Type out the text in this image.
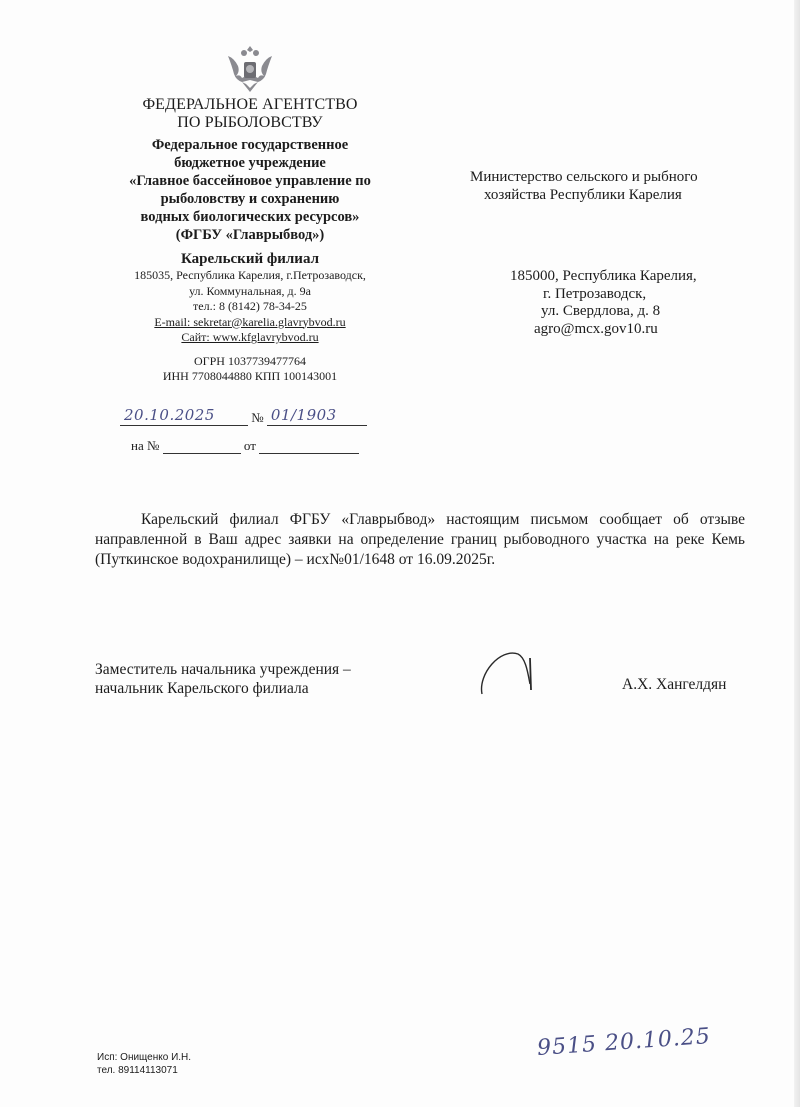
ФЕДЕРАЛЬНОЕ АГЕНТСТВО
ПО РЫБОЛОВСТВУ
Федеральное государственное
бюджетное учреждение
«Главное бассейновое управление по
рыболовству и сохранению
водных биологических ресурсов»
(ФГБУ «Главрыбвод»)
Карельский филиал
185035, Республика Карелия, г.Петрозаводск,
ул. Коммунальная, д. 9а
тел.: 8 (8142) 78-34-25
E-mail: sekretar@karelia.glavrybvod.ru
Сайт: www.kfglavrybvod.ru
ОГРН 1037739477764
ИНН 7708044880 КПП 100143001
20.10.2025	№ 01/1903
на №	от
Министерство сельского и рыбного
хозяйства Республики Карелия
185000, Республика Карелия,
г. Петрозаводск,
ул. Свердлова, д. 8
agro@mcx.gov10.ru

Карельский филиал ФГБУ «Главрыбвод» настоящим письмом сообщает об отзыве направленной в Ваш адрес заявки на определение границ рыбоводного участка на реке Кемь (Путкинское водохранилище) – исх№01/1648 от 16.09.2025г.

Заместитель начальника учреждения –
начальник Карельского филиала	А.Х. Хангелдян
Исп: Онищенко И.Н.
тел. 89114113071
9515 20.10.25
